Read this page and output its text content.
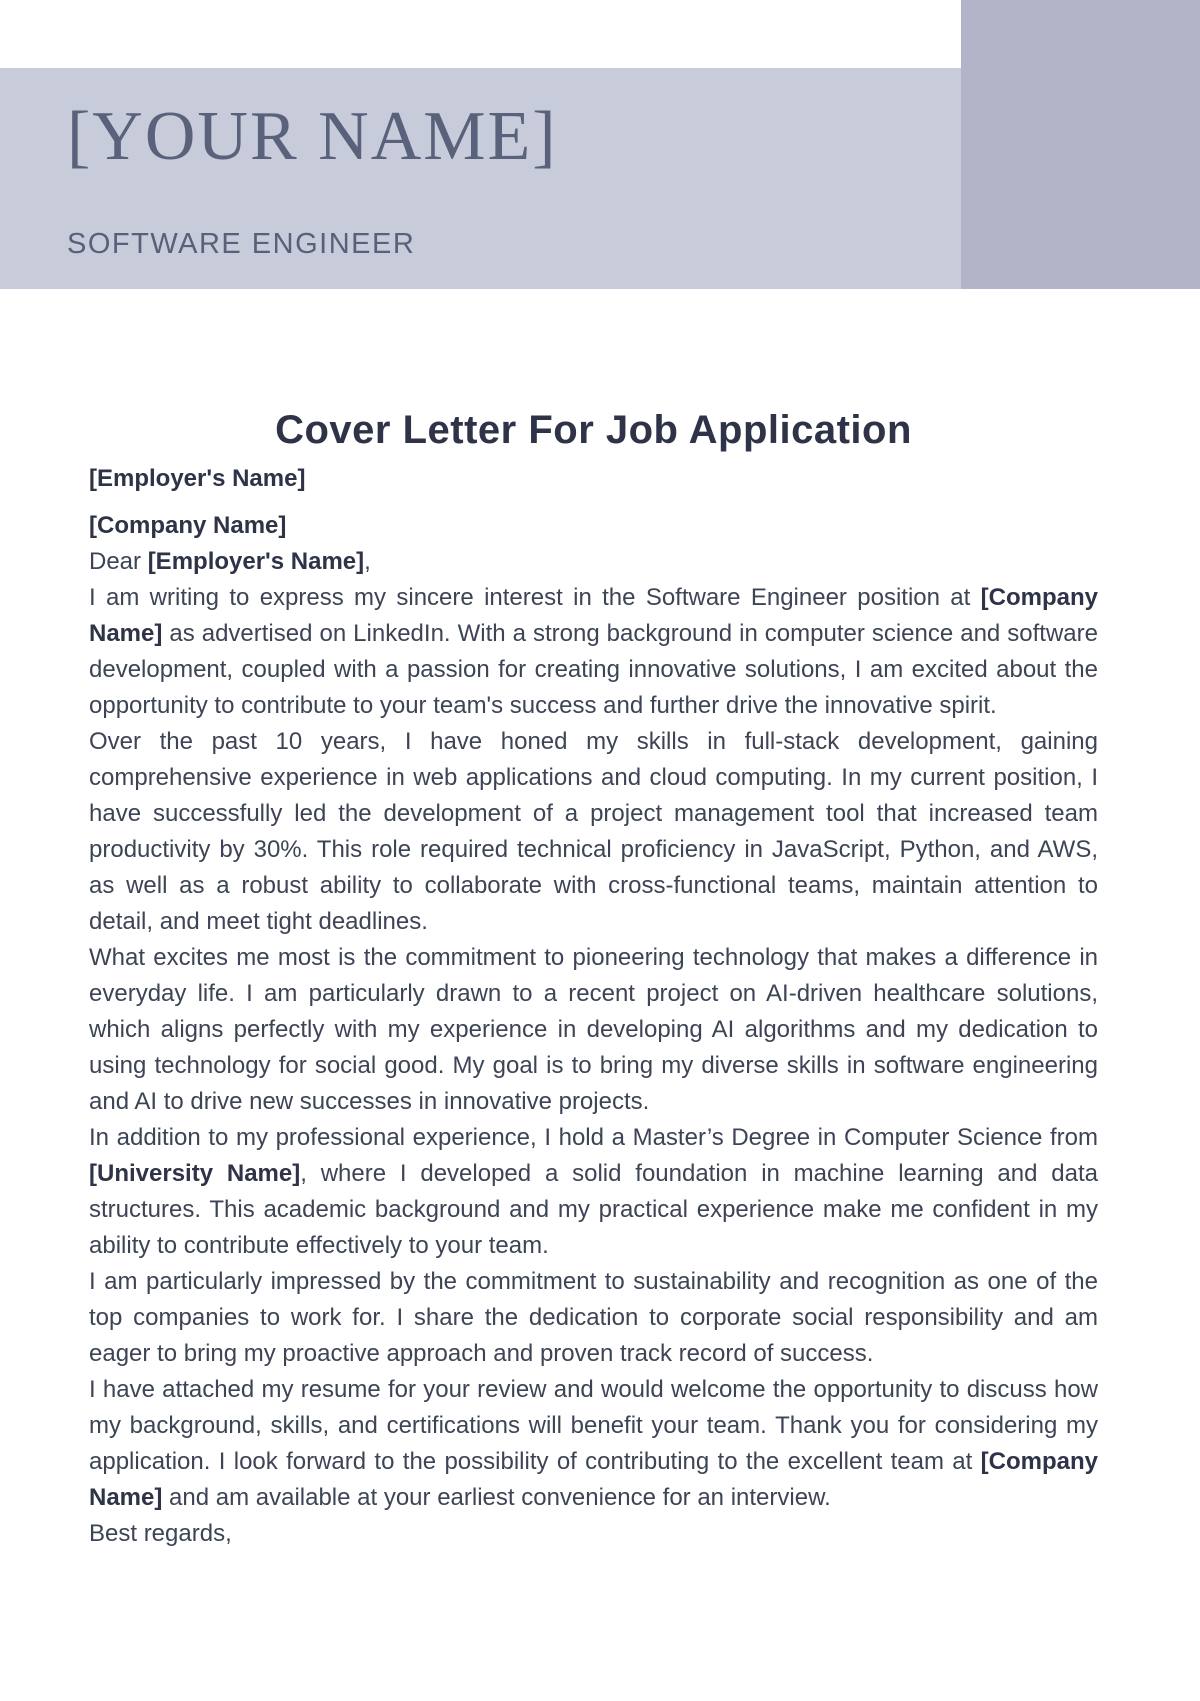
[YOUR NAME]
SOFTWARE ENGINEER
Cover Letter For Job Application

[Employer's Name]

[Company Name]

Dear [Employer's Name],

I am writing to express my sincere interest in the Software Engineer position at [Company Name] as advertised on LinkedIn. With a strong background in computer science and software development, coupled with a passion for creating innovative solutions, I am excited about the opportunity to contribute to your team's success and further drive the innovative spirit.

Over the past 10 years, I have honed my skills in full-stack development, gaining comprehensive experience in web applications and cloud computing. In my current position, I have successfully led the development of a project management tool that increased team productivity by 30%. This role required technical proficiency in JavaScript, Python, and AWS, as well as a robust ability to collaborate with cross-functional teams, maintain attention to detail, and meet tight deadlines.

What excites me most is the commitment to pioneering technology that makes a difference in everyday life. I am particularly drawn to a recent project on AI-driven healthcare solutions, which aligns perfectly with my experience in developing AI algorithms and my dedication to using technology for social good. My goal is to bring my diverse skills in software engineering and AI to drive new successes in innovative projects.

In addition to my professional experience, I hold a Master’s Degree in Computer Science from [University Name], where I developed a solid foundation in machine learning and data structures. This academic background and my practical experience make me confident in my ability to contribute effectively to your team.

I am particularly impressed by the commitment to sustainability and recognition as one of the top companies to work for. I share the dedication to corporate social responsibility and am eager to bring my proactive approach and proven track record of success.

I have attached my resume for your review and would welcome the opportunity to discuss how my background, skills, and certifications will benefit your team. Thank you for considering my application. I look forward to the possibility of contributing to the excellent team at [Company Name] and am available at your earliest convenience for an interview.

Best regards,
